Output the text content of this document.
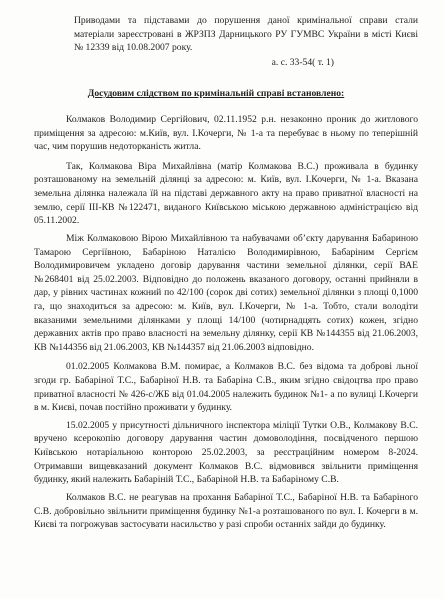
Приводами та підставами до порушення даної кримінальної справи стали матеріали зареєстровані в ЖРЗПЗ Дарницького РУ ГУМВС України в місті Києві № 12339 від 10.08.2007 року.

а. с. 33-54( т. 1)

Досудовим слідством по кримінальній справі встановлено:

Колмаков Володимир Сергійович, 02.11.1952 р.н. незаконно проник до житлового приміщення за адресою: м.Київ, вул. І.Кочерги, № 1-а та перебуває в ньому по теперішній час, чим порушив недоторканість житла.

Так, Колмакова Віра Михайлівна (матір Колмакова В.С.) проживала в будинку розташованому на земельній ділянці за адресою: м. Київ, вул. І.Кочерги, № 1-а. Вказана земельна ділянка належала їй на підставі державного акту на право приватної власності на землю, серії ІІІ-КВ №122471, виданого Київською міською державною адміністрацією від 05.11.2002.

Між Колмаковою Вірою Михайлівною та набувачами об’єкту дарування Бабариною Тамарою Сергіївною, Бабаріною Наталією Володимирівною, Бабаріним Сергієм Володимировичем укладено договір дарування частини земельної ділянки, серії ВАЕ №268401 від 25.02.2003. Відповідно до положень вказаного договору, останні прийняли в дар, у рівних частинах кожний по 42/100 (сорок дві сотих) земельної ділянки з площі 0,1000 га, що знаходиться за адресою: м. Київ, вул. І.Кочерги, № 1-а. Тобто, стали володіти вказаними земельними ділянками у площі 14/100 (чотирнадцять сотих) кожен, згідно державних актів про право власності на земельну ділянку, серії КВ №144355 від 21.06.2003, КВ №144356 від 21.06.2003, КВ №144357 від 21.06.2003 відповідно.

01.02.2005 Колмакова В.М. помирає, а Колмаков В.С. без відома та доброві льної згоди гр. Бабаріної Т.С., Бабаріної Н.В. та Бабаріна С.В., яким згідно свідоцтва про право приватної власності № 426-с/ЖБ від 01.04.2005 належить будинок №1- а по вулиці І.Кочерги в м. Києві, почав постійно проживати у будинку.

15.02.2005 у присутності дільничного інспектора міліції Тутки О.В., Колмакову В.С. вручено ксерокопію договору дарування частин домоволодіння, посвідченого першою Київською нотаріальною конторою 25.02.2003, за реєстраційним номером 8-2024. Отримавши вищевказаний документ Колмаков В.С. відмовився звільнити приміщення будинку, який належить Бабаріній Т.С., Бабаріной Н.В. та Бабаріному С.В.

Колмаков В.С. не реагував на прохання Бабаріної Т.С., Бабаріної Н.В. та Бабаріного С.В. добровільно звільнити приміщення будинку №1-а розташованого по вул. І. Кочерги в м. Києві та погрожував застосувати насильство у разі спроби останніх зайди до будинку.
